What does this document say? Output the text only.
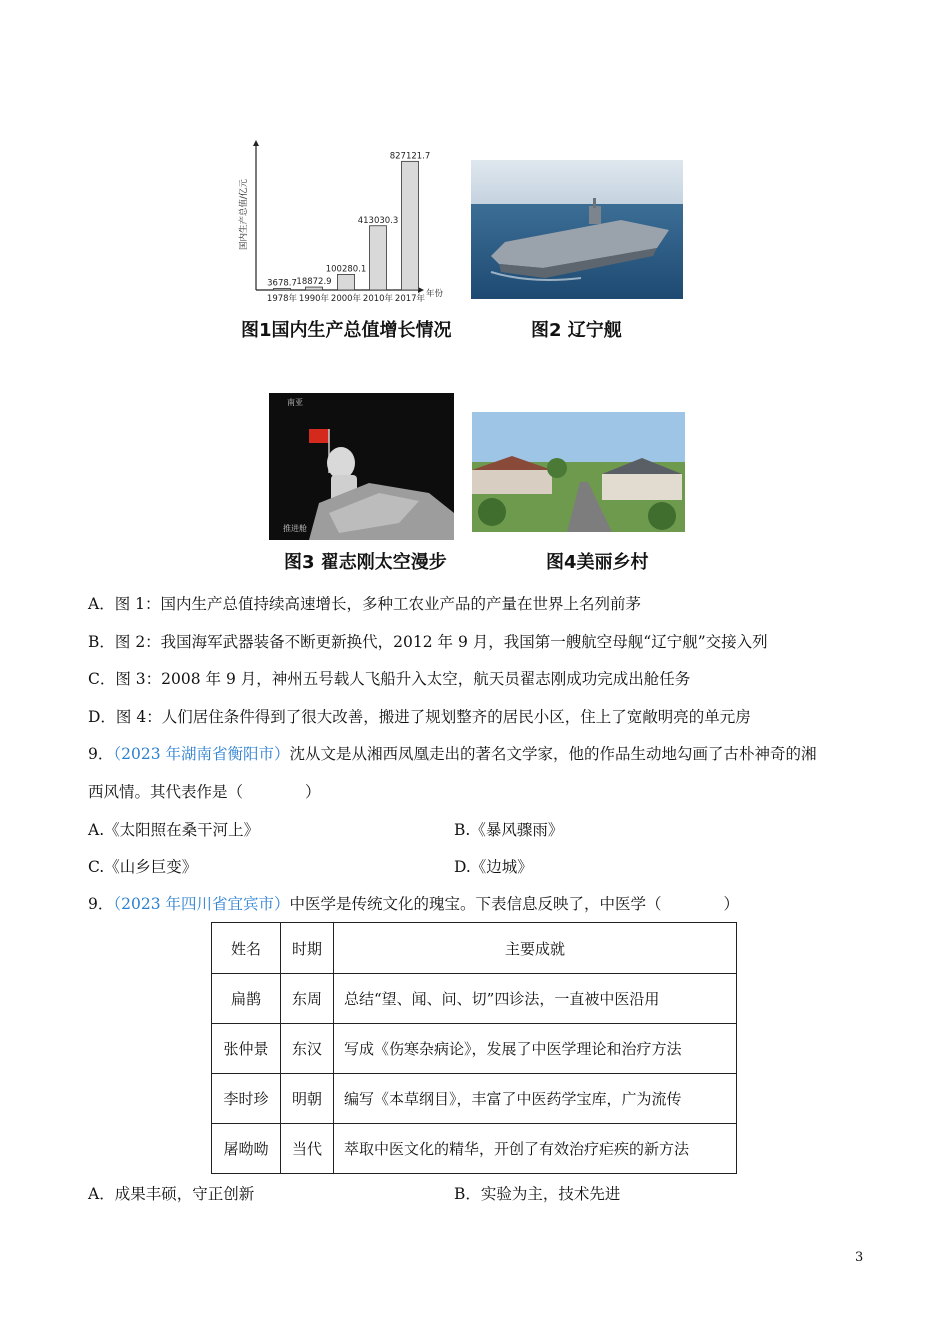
国内生产总值/亿元
年份
3678.7
1978年
18872.9
1990年
100280.1
2000年
413030.3
2010年
827121.7
2017年
图1国内生产总值增长情况	图2 辽宁舰
南亚
推进舱
图3 翟志刚太空漫步	图4美丽乡村
A．图 1：国内生产总值持续高速增长，多种工农业产品的产量在世界上名列前茅
B．图 2：我国海军武器装备不断更新换代，2012 年 9 月，我国第一艘航空母舰“辽宁舰”交接入列
C．图 3：2008 年 9 月，神州五号载人飞船升入太空，航天员翟志刚成功完成出舱任务
D．图 4：人们居住条件得到了很大改善，搬进了规划整齐的居民小区，住上了宽敞明亮的单元房
9．（2023 年湖南省衡阳市）沈从文是从湘西凤凰走出的著名文学家，他的作品生动地勾画了古朴神奇的湘
西风情。其代表作是（　　　　）
A.《太阳照在桑干河上》	B.《暴风骤雨》
C.《山乡巨变》	D.《边城》
9．（2023 年四川省宜宾市）中医学是传统文化的瑰宝。下表信息反映了，中医学（　　　　）
姓名	时期	主要成就
扁鹊	东周	总结“望、闻、问、切”四诊法，一直被中医沿用
张仲景	东汉	写成《伤寒杂病论》，发展了中医学理论和治疗方法
李时珍	明朝	编写《本草纲目》，丰富了中医药学宝库，广为流传
屠呦呦	当代	萃取中医文化的精华，开创了有效治疗疟疾的新方法
A．成果丰硕，守正创新	B．实验为主，技术先进
3
